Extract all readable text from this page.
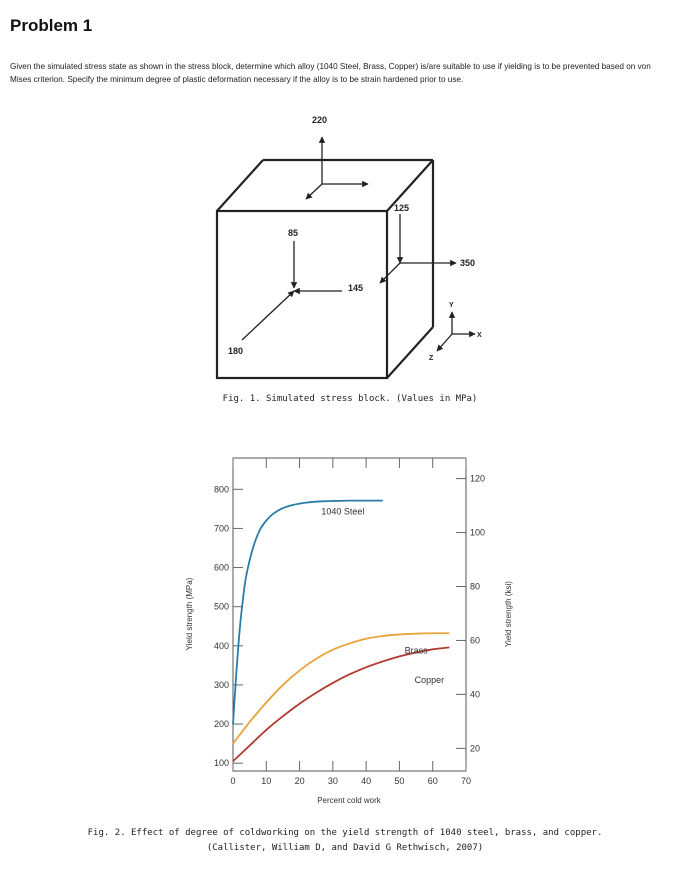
Problem 1
Given the simulated stress state as shown in the stress block, determine which alloy (1040 Steel, Brass, Copper) is/are suitable to use if yielding is to be prevented based on von Mises criterion. Specify the minimum degree of plastic deformation necessary if the alloy is to be strain hardened prior to use.
220
125
85
350
145
180
Y
X
Z
Fig. 1. Simulated stress block. (Values in MPa)
100
200
300
400
500
600
700
800
20
40
60
80
100
120
0	10	20	30	40	50	60	70
1040 Steel
Brass
Copper
Percent cold work
Yield strength (MPa)	Yield strength (ksi)
Fig. 2. Effect of degree of coldworking on the yield strength of 1040 steel, brass, and copper.
(Callister, William D, and David G Rethwisch, 2007)
